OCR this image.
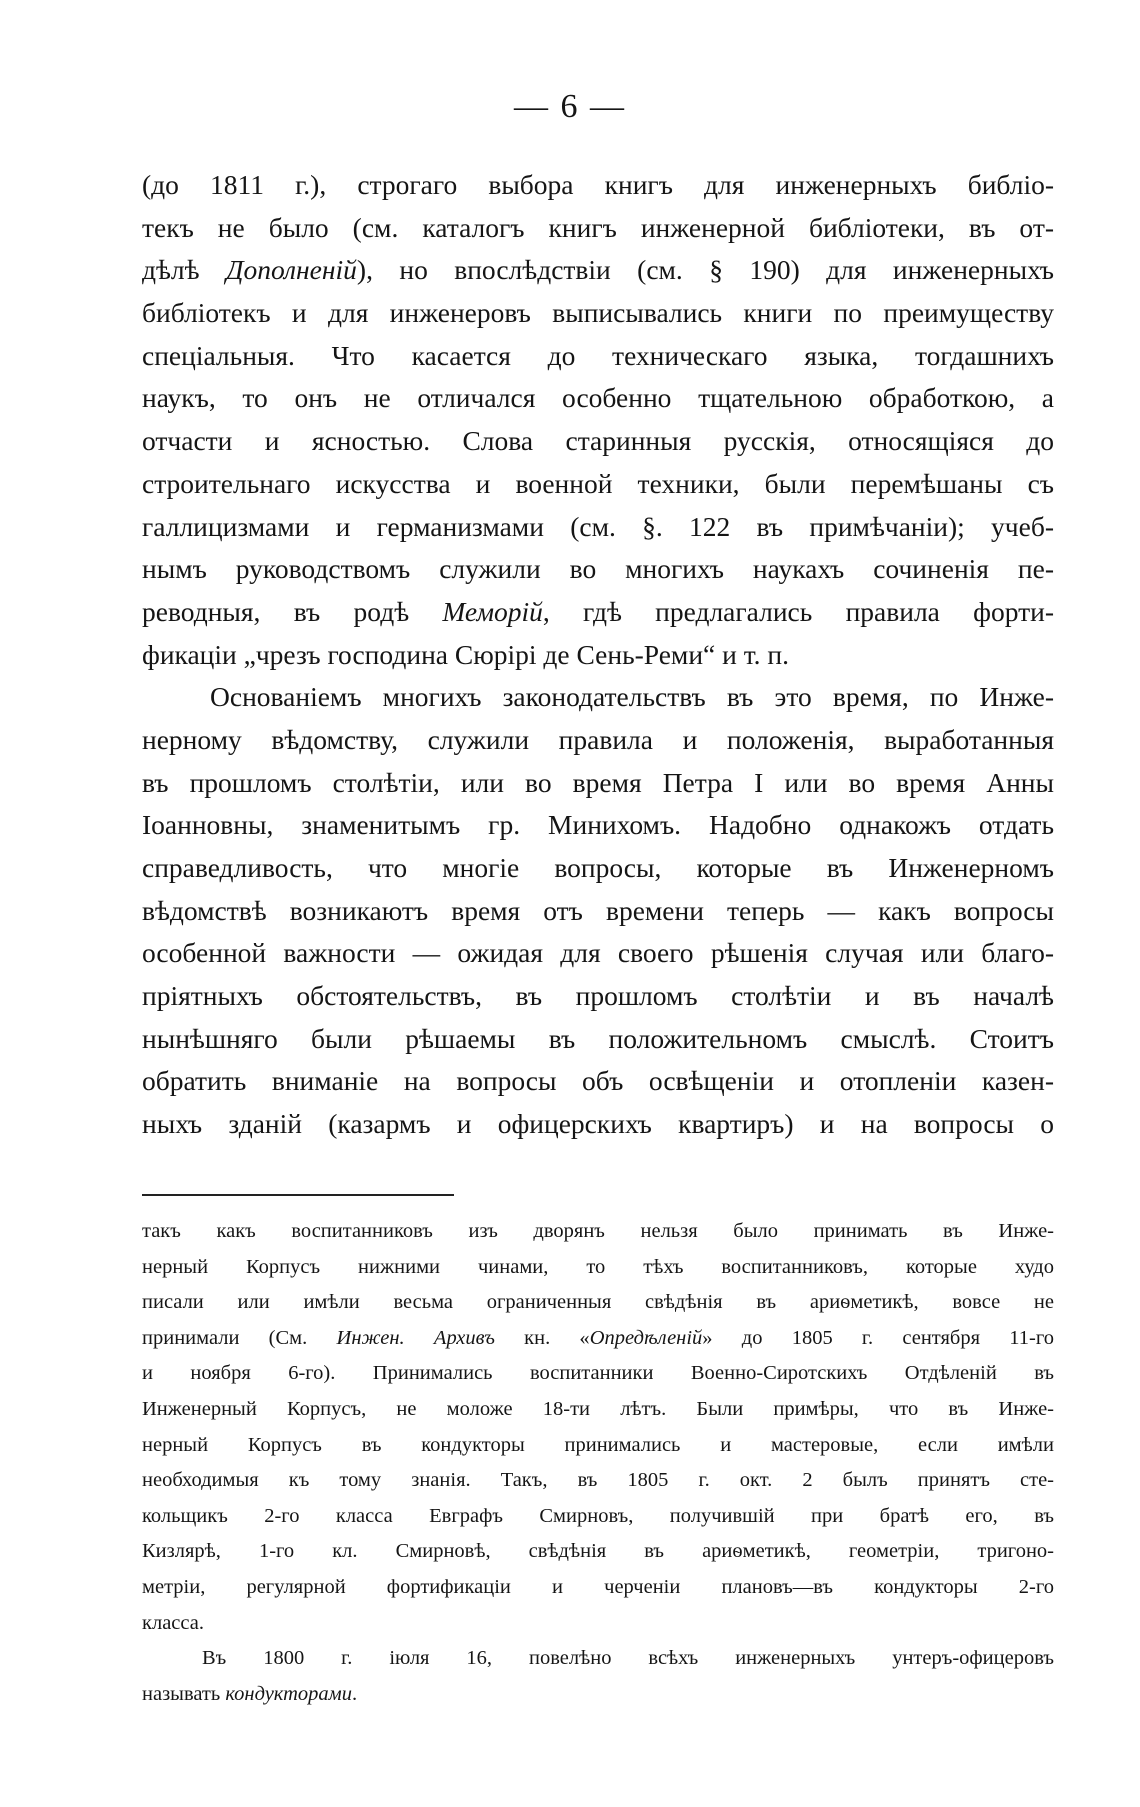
— 6 —
(до 1811 г.), строгаго выбора книгъ для инженерныхъ библіо-
текъ не было (см. каталогъ книгъ инженерной библіотеки, въ от-
дѣлѣ Дополненій), но впослѣдствіи (см. § 190) для инженерныхъ
библіотекъ и для инженеровъ выписывались книги по преимуществу
спеціальныя. Что касается до техническаго языка, тогдашнихъ
наукъ, то онъ не отличался особенно тщательною обработкою, а
отчасти и ясностью. Слова старинныя русскія, относящіяся до
строительнаго искусства и военной техники, были перемѣшаны съ
галлицизмами и германизмами (см. §. 122 въ примѣчаніи); учеб-
нымъ руководствомъ служили во многихъ наукахъ сочиненія пе-
реводныя, въ родѣ Меморій, гдѣ предлагались правила форти-
фикаціи „чрезъ господина Сюрірі де Сень-Реми“ и т. п.
Основаніемъ многихъ законодательствъ въ это время, по Инже-
нерному вѣдомству, служили правила и положенія, выработанныя
въ прошломъ столѣтіи, или во время Петра I или во время Анны
Іоанновны, знаменитымъ гр. Минихомъ. Надобно однакожъ отдать
справедливость, что многіе вопросы, которые въ Инженерномъ
вѣдомствѣ возникаютъ время отъ времени теперь — какъ вопросы
особенной важности — ожидая для своего рѣшенія случая или благо-
пріятныхъ обстоятельствъ, въ прошломъ столѣтіи и въ началѣ
нынѣшняго были рѣшаемы въ положительномъ смыслѣ. Стоитъ
обратить вниманіе на вопросы объ освѣщеніи и отопленіи казен-
ныхъ зданій (казармъ и офицерскихъ квартиръ) и на вопросы о
такъ какъ воспитанниковъ изъ дворянъ нельзя было принимать въ Инже-
нерный Корпусъ нижними чинами, то тѣхъ воспитанниковъ, которые худо
писали или имѣли весьма ограниченныя свѣдѣнія въ ариѳметикѣ, вовсе не
принимали (См. Инжен. Архивъ кн. «Опредѣленій» до 1805 г. сентября 11-го
и ноября 6-го). Принимались воспитанники Военно-Сиротскихъ Отдѣленій въ
Инженерный Корпусъ, не моложе 18-ти лѣтъ. Были примѣры, что въ Инже-
нерный Корпусъ въ кондукторы принимались и мастеровые, если имѣли
необходимыя къ тому знанія. Такъ, въ 1805 г. окт. 2 былъ принятъ сте-
кольщикъ 2-го класса Евграфъ Смирновъ, получившій при братѣ его, въ
Кизлярѣ, 1-го кл. Смирновѣ, свѣдѣнія въ ариѳметикѣ, геометріи, тригоно-
метріи, регулярной фортификаціи и черченіи плановъ—въ кондукторы 2-го
класса.
Въ 1800 г. іюля 16, повелѣно всѣхъ инженерныхъ унтеръ-офицеровъ
называть кондукторами.
